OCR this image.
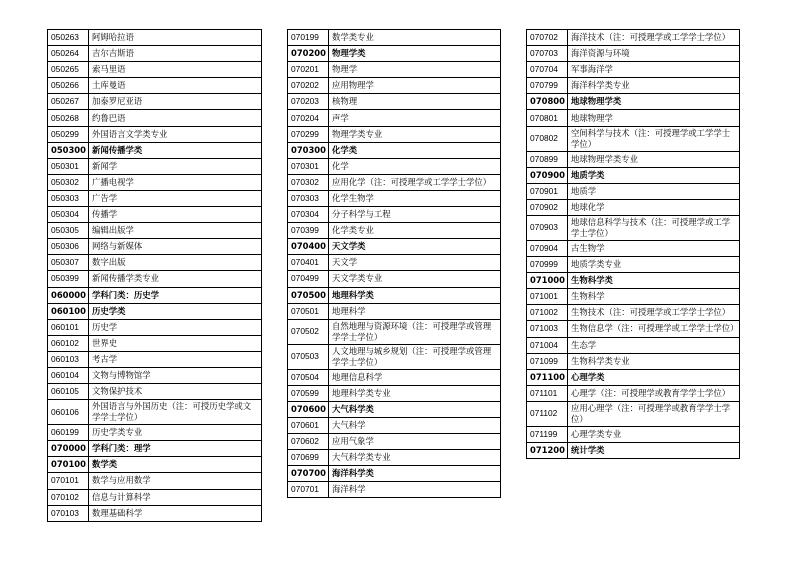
050263	阿姆哈拉语
050264	吉尔吉斯语
050265	索马里语
050266	土库曼语
050267	加泰罗尼亚语
050268	约鲁巴语
050299	外国语言文学类专业
050300	新闻传播学类
050301	新闻学
050302	广播电视学
050303	广告学
050304	传播学
050305	编辑出版学
050306	网络与新媒体
050307	数字出版
050399	新闻传播学类专业
060000	学科门类：历史学
060100	历史学类
060101	历史学
060102	世界史
060103	考古学
060104	文物与博物馆学
060105	文物保护技术
060106	外国语言与外国历史（注：可授历史学或文学学士学位）
060199	历史学类专业
070000	学科门类：理学
070100	数学类
070101	数学与应用数学
070102	信息与计算科学
070103	数理基础科学
070199	数学类专业
070200	物理学类
070201	物理学
070202	应用物理学
070203	核物理
070204	声学
070299	物理学类专业
070300	化学类
070301	化学
070302	应用化学（注：可授理学或工学学士学位）
070303	化学生物学
070304	分子科学与工程
070399	化学类专业
070400	天文学类
070401	天文学
070499	天文学类专业
070500	地理科学类
070501	地理科学
070502	自然地理与资源环境（注：可授理学或管理学学士学位）
070503	人文地理与城乡规划（注：可授理学或管理学学士学位）
070504	地理信息科学
070599	地理科学类专业
070600	大气科学类
070601	大气科学
070602	应用气象学
070699	大气科学类专业
070700	海洋科学类
070701	海洋科学
070702	海洋技术（注：可授理学或工学学士学位）
070703	海洋资源与环境
070704	军事海洋学
070799	海洋科学类专业
070800	地球物理学类
070801	地球物理学
070802	空间科学与技术（注：可授理学或工学学士学位）
070899	地球物理学类专业
070900	地质学类
070901	地质学
070902	地球化学
070903	地球信息科学与技术（注：可授理学或工学学士学位）
070904	古生物学
070999	地质学类专业
071000	生物科学类
071001	生物科学
071002	生物技术（注：可授理学或工学学士学位）
071003	生物信息学（注：可授理学或工学学士学位）
071004	生态学
071099	生物科学类专业
071100	心理学类
071101	心理学（注：可授理学或教育学学士学位）
071102	应用心理学（注：可授理学或教育学学士学位）
071199	心理学类专业
071200	统计学类
